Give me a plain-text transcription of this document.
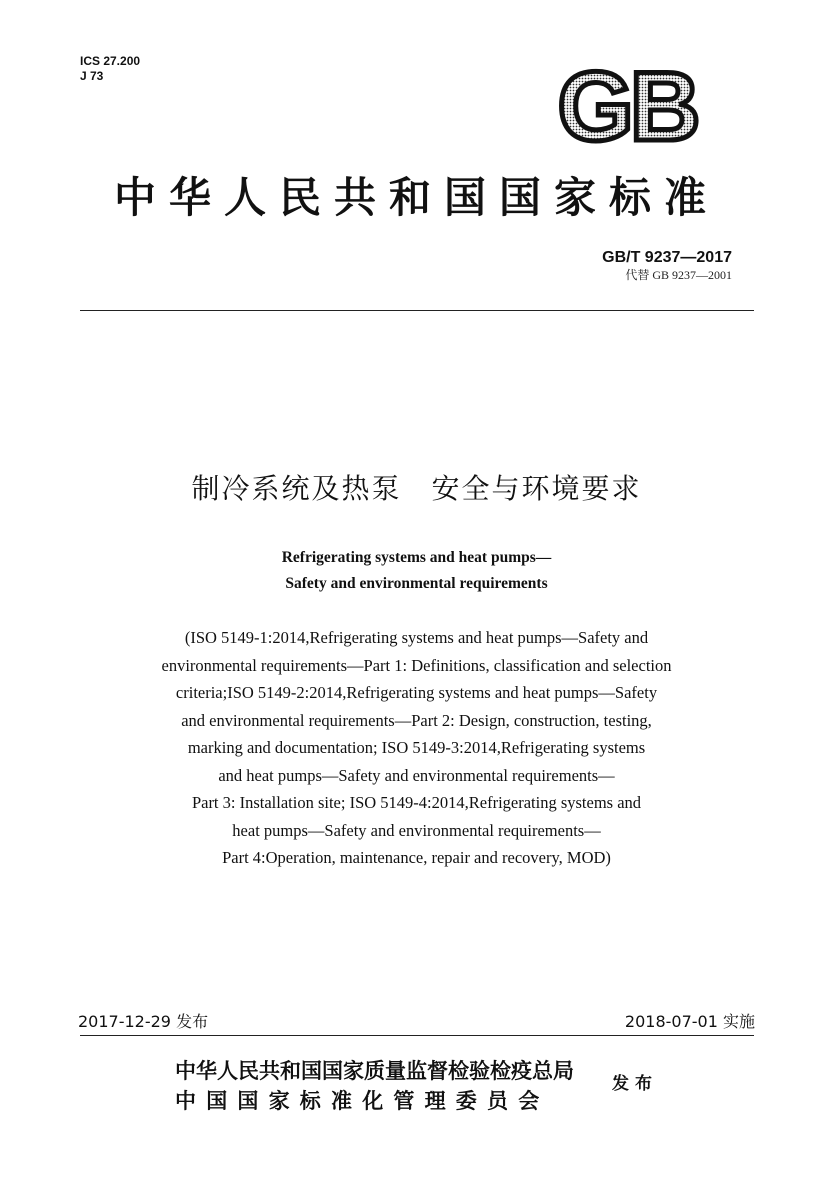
ICS 27.200
J 73	GB
中华人民共和国国家标准
GB/T 9237—2017
代替 GB 9237—2001
制冷系统及热泵　安全与环境要求
Refrigerating systems and heat pumps—
Safety and environmental requirements
(ISO 5149-1:2014,Refrigerating systems and heat pumps—Safety and
environmental requirements—Part 1: Definitions, classification and selection
criteria;ISO 5149-2:2014,Refrigerating systems and heat pumps—Safety
and environmental requirements—Part 2: Design, construction, testing,
marking and documentation; ISO 5149-3:2014,Refrigerating systems
and heat pumps—Safety and environmental requirements—
Part 3: Installation site; ISO 5149-4:2014,Refrigerating systems and
heat pumps—Safety and environmental requirements—
Part 4:Operation, maintenance, repair and recovery, MOD)
2017-12-29 发布	2018-07-01 实施
中华人民共和国国家质量监督检验检疫总局
中国国家标准化管理委员会
发布
